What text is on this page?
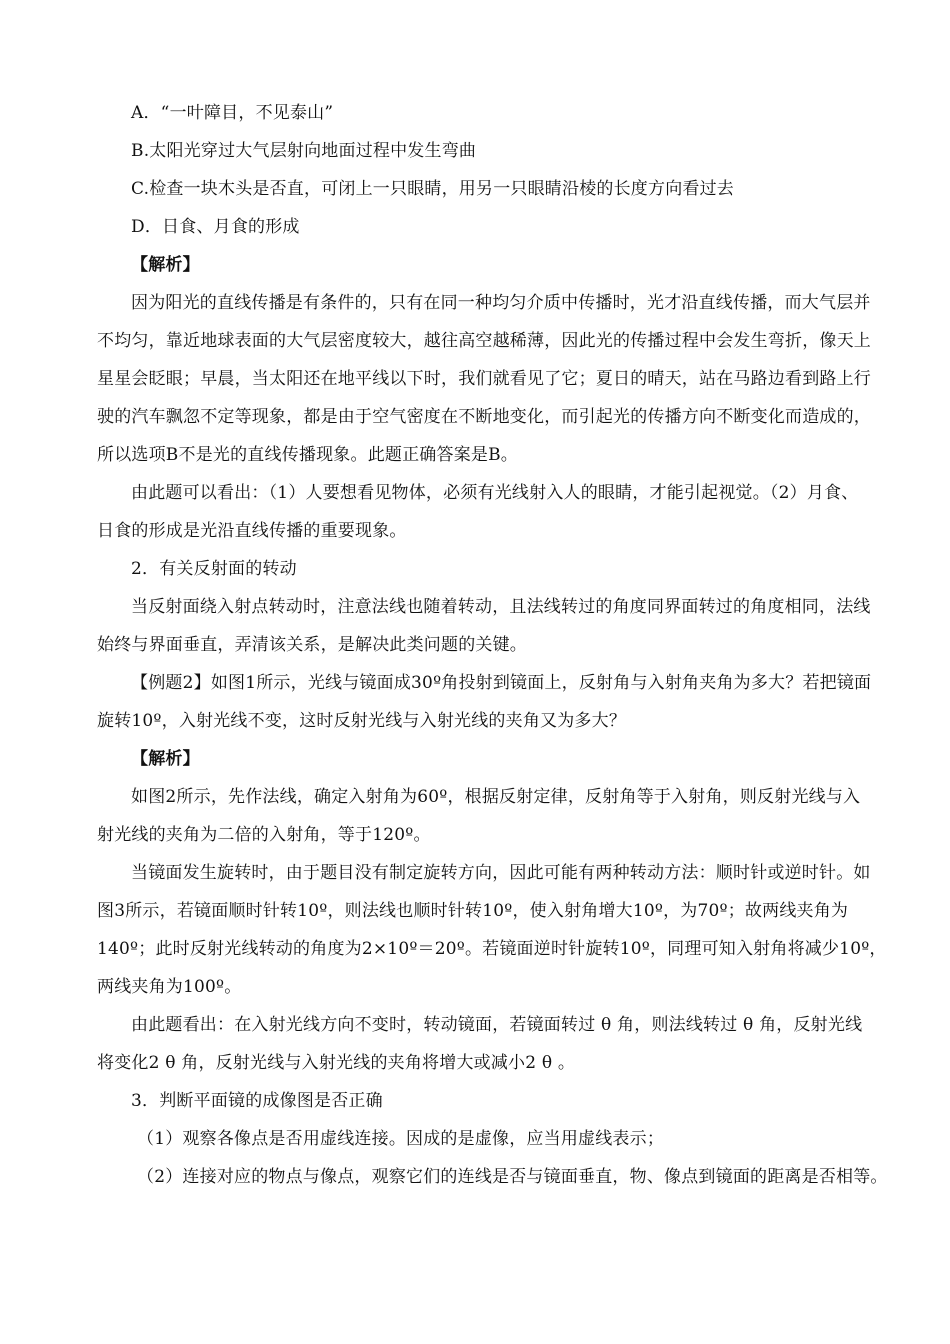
A．“一叶障目，不见泰山”
B.太阳光穿过大气层射向地面过程中发生弯曲
C.检查一块木头是否直，可闭上一只眼睛，用另一只眼睛沿棱的长度方向看过去
D．日食、月食的形成
【解析】
因为阳光的直线传播是有条件的，只有在同一种均匀介质中传播时，光才沿直线传播，而大气层并
不均匀，靠近地球表面的大气层密度较大，越往高空越稀薄，因此光的传播过程中会发生弯折，像天上
星星会眨眼；早晨，当太阳还在地平线以下时，我们就看见了它；夏日的晴天，站在马路边看到路上行
驶的汽车飘忽不定等现象，都是由于空气密度在不断地变化，而引起光的传播方向不断变化而造成的，
所以选项B不是光的直线传播现象。此题正确答案是B。
由此题可以看出：（1）人要想看见物体，必须有光线射入人的眼睛，才能引起视觉。（2）月食、
日食的形成是光沿直线传播的重要现象。
2．有关反射面的转动
当反射面绕入射点转动时，注意法线也随着转动，且法线转过的角度同界面转过的角度相同，法线
始终与界面垂直，弄清该关系，是解决此类问题的关键。
【例题2】如图1所示，光线与镜面成30º角投射到镜面上，反射角与入射角夹角为多大？若把镜面
旋转10º，入射光线不变，这时反射光线与入射光线的夹角又为多大？
【解析】
如图2所示，先作法线，确定入射角为60º，根据反射定律，反射角等于入射角，则反射光线与入
射光线的夹角为二倍的入射角，等于120º。
当镜面发生旋转时，由于题目没有制定旋转方向，因此可能有两种转动方法：顺时针或逆时针。如
图3所示，若镜面顺时针转10º，则法线也顺时针转10º，使入射角增大10º，为70º；故两线夹角为
140º；此时反射光线转动的角度为2×10º＝20º。若镜面逆时针旋转10º，同理可知入射角将减少10º，
两线夹角为100º。
由此题看出：在入射光线方向不变时，转动镜面，若镜面转过 θ 角，则法线转过 θ 角，反射光线
将变化2 θ 角，反射光线与入射光线的夹角将增大或减小2 θ 。
3．判断平面镜的成像图是否正确
（1）观察各像点是否用虚线连接。因成的是虚像，应当用虚线表示；
（2）连接对应的物点与像点，观察它们的连线是否与镜面垂直，物、像点到镜面的距离是否相等。
